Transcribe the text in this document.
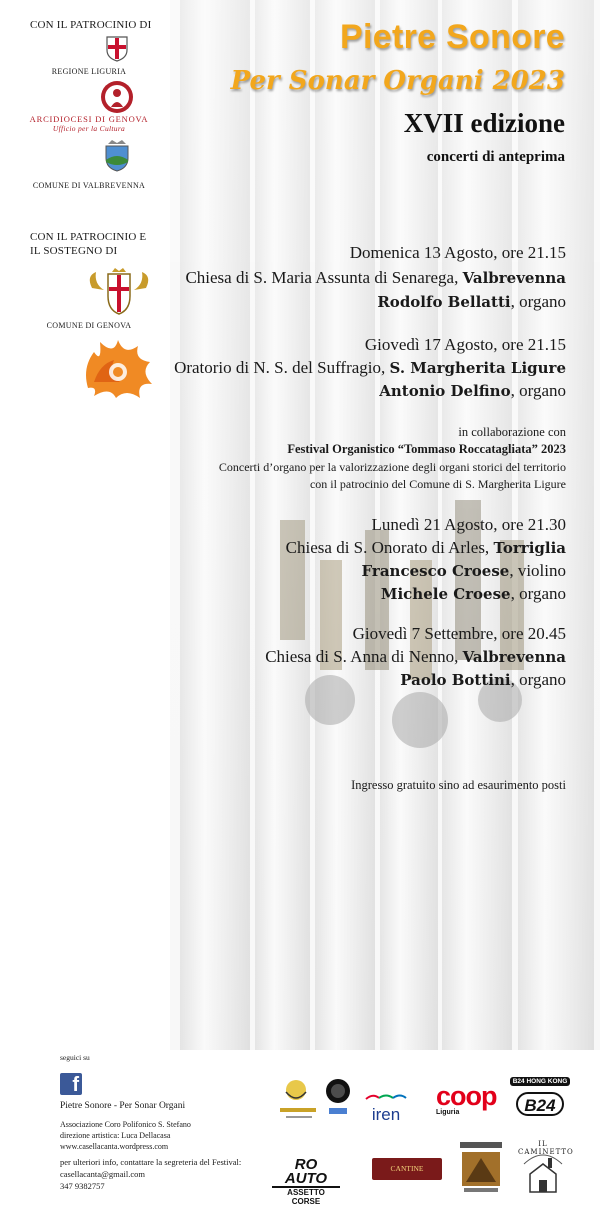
CON IL PATROCINIO DI
REGIONE LIGURIA
ARCIDIOCESI DI GENOVA
Ufficio per la Cultura
COMUNE DI VALBREVENNA
CON IL PATROCINIO E
IL SOSTEGNO DI
COMUNE DI GENOVA
Pietre Sonore
Per Sonar Organi 2023
XVII edizione
concerti di anteprima
Domenica 13 Agosto, ore 21.15
Chiesa di S. Maria Assunta di Senarega, Valbrevenna
Rodolfo Bellatti, organo
Giovedì 17 Agosto, ore 21.15
Oratorio di N. S. del Suffragio, S. Margherita Ligure
Antonio Delfino, organo
in collaborazione con
Festival Organistico “Tommaso Roccatagliata” 2023
Concerti d’organo per la valorizzazione degli organi storici del territorio
con il patrocinio del Comune di S. Margherita Ligure
Lunedì 21 Agosto, ore 21.30
Chiesa di S. Onorato di Arles, Torriglia
Francesco Croese, violino
Michele Croese, organo
Giovedì 7 Settembre, ore 20.45
Chiesa di S. Anna di Nenno, Valbrevenna
Paolo Bottini, organo
Ingresso gratuito sino ad esaurimento posti
seguici su
f
Pietre Sonore - Per Sonar Organi
Associazione Coro Polifonico S. Stefano
direzione artistica: Luca Dellacasa
www.casellacanta.wordpress.com
per ulteriori info, contattare la segreteria del Festival:
casellacanta@gmail.com
347 9382757
iren
coop
Liguria
B24 HONG KONG
B24
RO AUTO
ASSETTO CORSE
CANTINE
IL CAMINETTO
